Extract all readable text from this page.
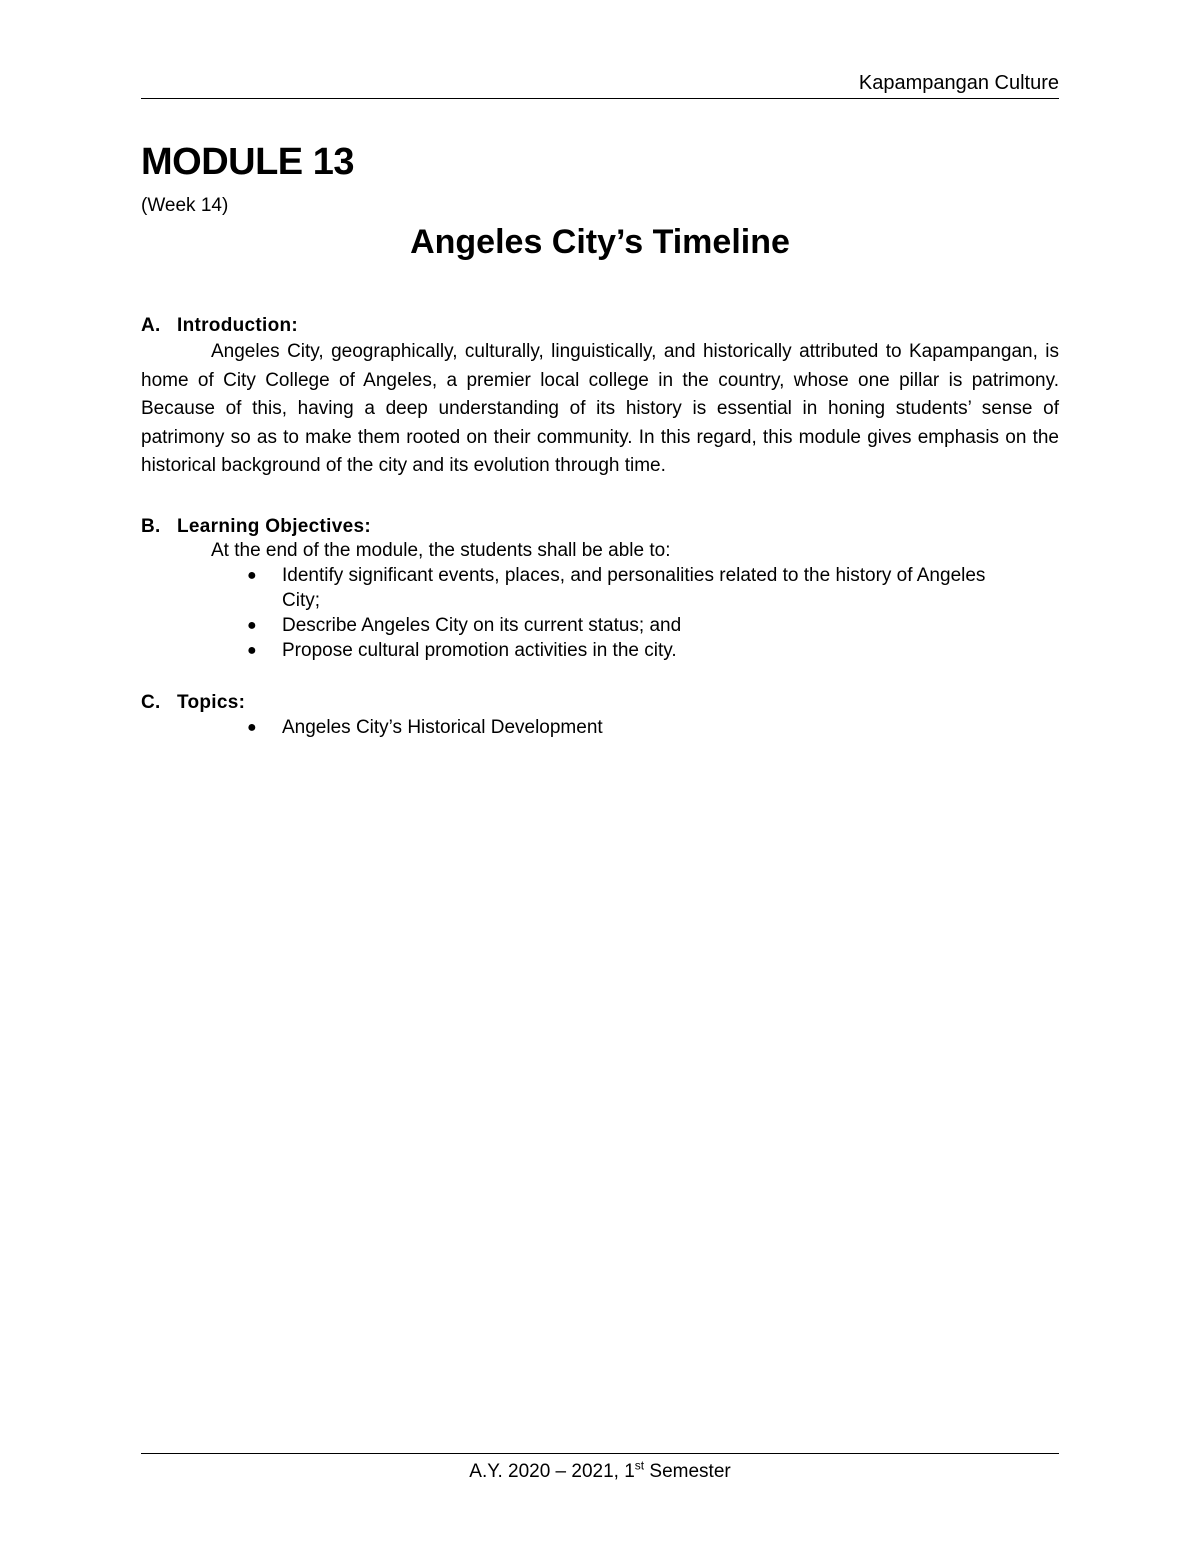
Kapampangan Culture
MODULE 13
(Week 14)
Angeles City’s Timeline
A. Introduction:

Angeles City, geographically, culturally, linguistically, and historically attributed to Kapampangan, is home of City College of Angeles, a premier local college in the country, whose one pillar is patrimony. Because of this, having a deep understanding of its history is essential in honing students’ sense of patrimony so as to make them rooted on their community. In this regard, this module gives emphasis on the historical background of the city and its evolution through time.

B. Learning Objectives:
At the end of the module, the students shall be able to:
● Identify significant events, places, and personalities related to the history of Angeles City;
● Describe Angeles City on its current status; and
● Propose cultural promotion activities in the city.
C. Topics:
● Angeles City’s Historical Development
A.Y. 2020 – 2021, 1st Semester
